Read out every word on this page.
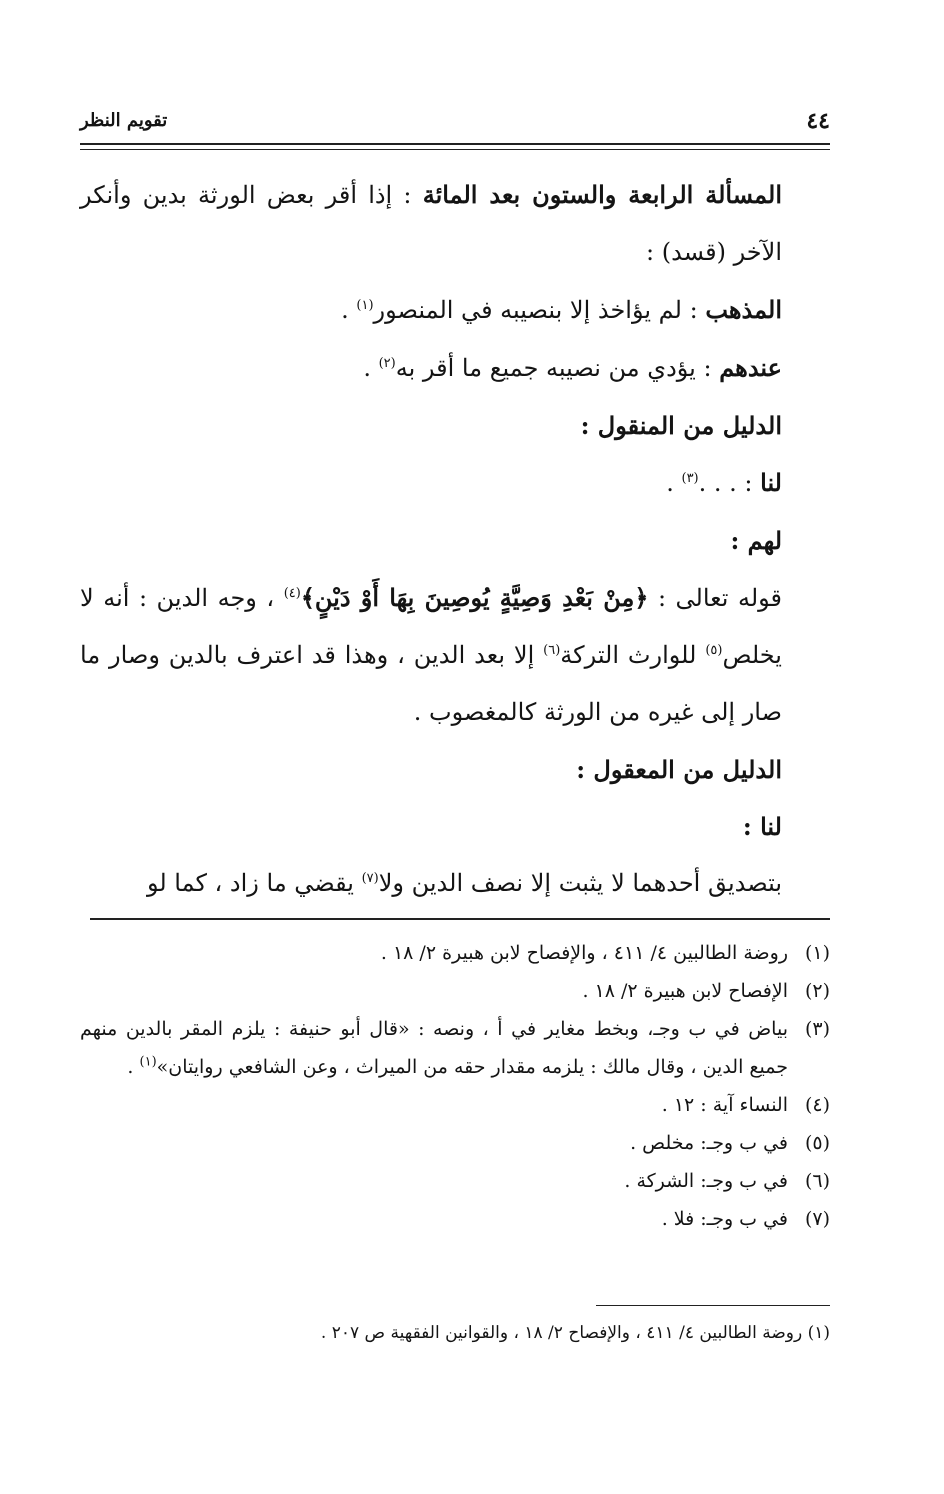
٤٤
تقويم النظر

المسألة الرابعة والستون بعد المائة : إذا أقر بعض الورثة بدين وأنكر الآخر (قسد) :

المذهب : لم يؤاخذ إلا بنصيبه في المنصور$^{(١)}$ .

عندهم : يؤدي من نصيبه جميع ما أقر به$^{(٢)}$ .

الدليل من المنقول :

لنا : . . .$^{(٣)}$ .

لهم :

قوله تعالى : ﴿مِنْ بَعْدِ وَصِيَّةٍ يُوصِينَ بِهَا أَوْ دَيْنٍ﴾$^{(٤)}$ ، وجه الدين : أنه لا يخلص$^{(٥)}$ للوارث التركة$^{(٦)}$ إلا بعد الدين ، وهذا قد اعترف بالدين وصار ما صار إلى غيره من الورثة كالمغصوب .

الدليل من المعقول :

لنا :

بتصديق أحدهما لا يثبت إلا نصف الدين ولا$^{(٧)}$ يقضي ما زاد ، كما لو

(١)
روضة الطالبين ٤/ ٤١١ ، والإفصاح لابن هبيرة ٢/ ١٨ .
(٢)
الإفصاح لابن هبيرة ٢/ ١٨ .
(٣)
بياض في ب وجـ، وبخط مغاير في أ ، ونصه : «قال أبو حنيفة : يلزم المقر بالدين منهم جميع الدين ، وقال مالك : يلزمه مقدار حقه من الميراث ، وعن الشافعي روايتان»$^{(١)}$ .
(٤)
النساء آية : ١٢ .
(٥)
في ب وجـ: مخلص .
(٦)
في ب وجـ: الشركة .
(٧)
في ب وجـ: فلا .
(١) روضة الطالبين ٤/ ٤١١ ، والإفصاح ٢/ ١٨ ، والقوانين الفقهية ص ٢٠٧ .
